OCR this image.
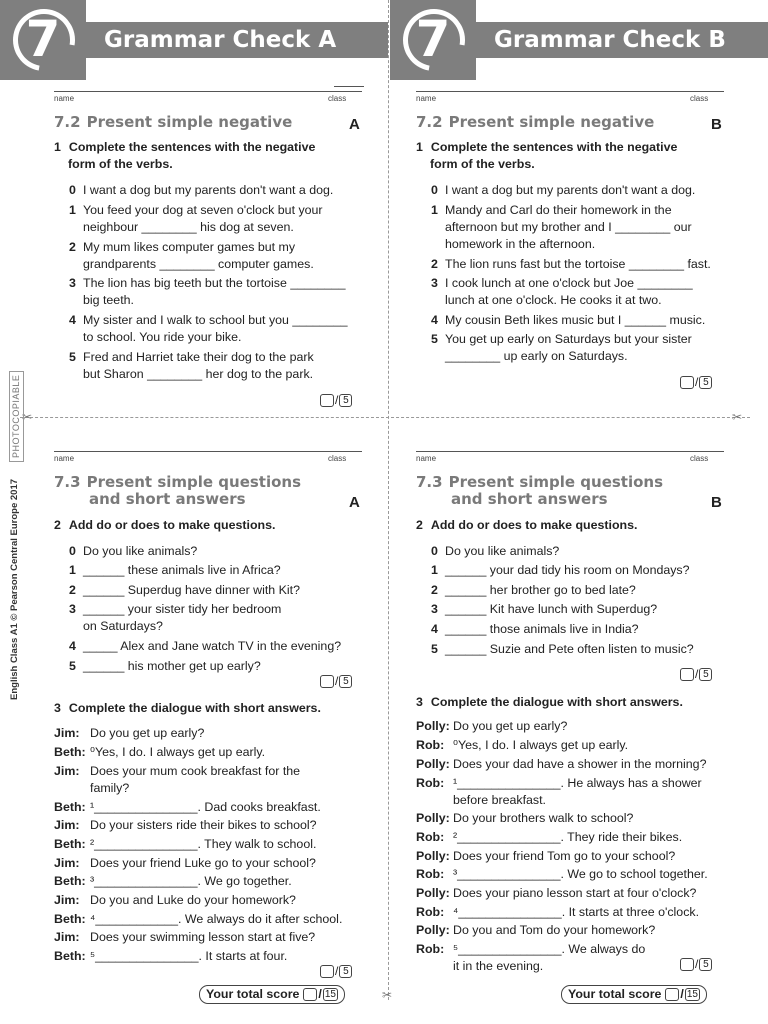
7	Grammar Check A	7	Grammar Check B
✂	✂
✂
English Class A1 © Pearson Central Europe 2017
PHOTOCOPIABLE
name	class
7.2 Present simple negative	A
1 Complete the sentences with the negative
form of the verbs.
0 I want a dog but my parents don't want a dog.
1 You feed your dog at seven o'clock but your
neighbour ________ his dog at seven.
2 My mum likes computer games but my
grandparents ________ computer games.
3 The lion has big teeth but the tortoise ________
big teeth.
4 My sister and I walk to school but you ________
to school. You ride your bike.
5 Fred and Harriet take their dog to the park
but Sharon ________ her dog to the park.
/ 5
name	class
7.2 Present simple negative	B
1 Complete the sentences with the negative
form of the verbs.
0 I want a dog but my parents don't want a dog.
1 Mandy and Carl do their homework in the
afternoon but my brother and I ________ our
homework in the afternoon.
2 The lion runs fast but the tortoise ________ fast.
3 I cook lunch at one o'clock but Joe ________
lunch at one o'clock. He cooks it at two.
4 My cousin Beth likes music but I ______ music.
5 You get up early on Saturdays but your sister
________ up early on Saturdays.
/ 5
name	class
7.3 Present simple questions
and short answers	A
2 Add do or does to make questions.
0 Do you like animals?
1 ______ these animals live in Africa?
2 ______ Superdug have dinner with Kit?
3 ______ your sister tidy her bedroom
on Saturdays?
4 _____ Alex and Jane watch TV in the evening?
5 ______ his mother get up early?
/ 5
3 Complete the dialogue with short answers.
Jim: Do you get up early?
Beth: ⁰Yes, I do. I always get up early.
Jim: Does your mum cook breakfast for the
family?
Beth: ¹_______________. Dad cooks breakfast.
Jim: Do your sisters ride their bikes to school?
Beth: ²_______________. They walk to school.
Jim: Does your friend Luke go to your school?
Beth: ³_______________. We go together.
Jim: Do you and Luke do your homework?
Beth: ⁴____________. We always do it after school.
Jim: Does your swimming lesson start at five?
Beth: ⁵_______________. It starts at four.
/ 5
Your total score / 15
name	class
7.3 Present simple questions
and short answers	B
2 Add do or does to make questions.
0 Do you like animals?
1 ______ your dad tidy his room on Mondays?
2 ______ her brother go to bed late?
3 ______ Kit have lunch with Superdug?
4 ______ those animals live in India?
5 ______ Suzie and Pete often listen to music?
/ 5
3 Complete the dialogue with short answers.
Polly: Do you get up early?
Rob: ⁰Yes, I do. I always get up early.
Polly: Does your dad have a shower in the morning?
Rob: ¹_______________. He always has a shower
before breakfast.
Polly: Do your brothers walk to school?
Rob: ²_______________. They ride their bikes.
Polly: Does your friend Tom go to your school?
Rob: ³_______________. We go to school together.
Polly: Does your piano lesson start at four o'clock?
Rob: ⁴_______________. It starts at three o'clock.
Polly: Do you and Tom do your homework?
Rob: ⁵_______________. We always do
it in the evening.	/ 5
Your total score / 15
